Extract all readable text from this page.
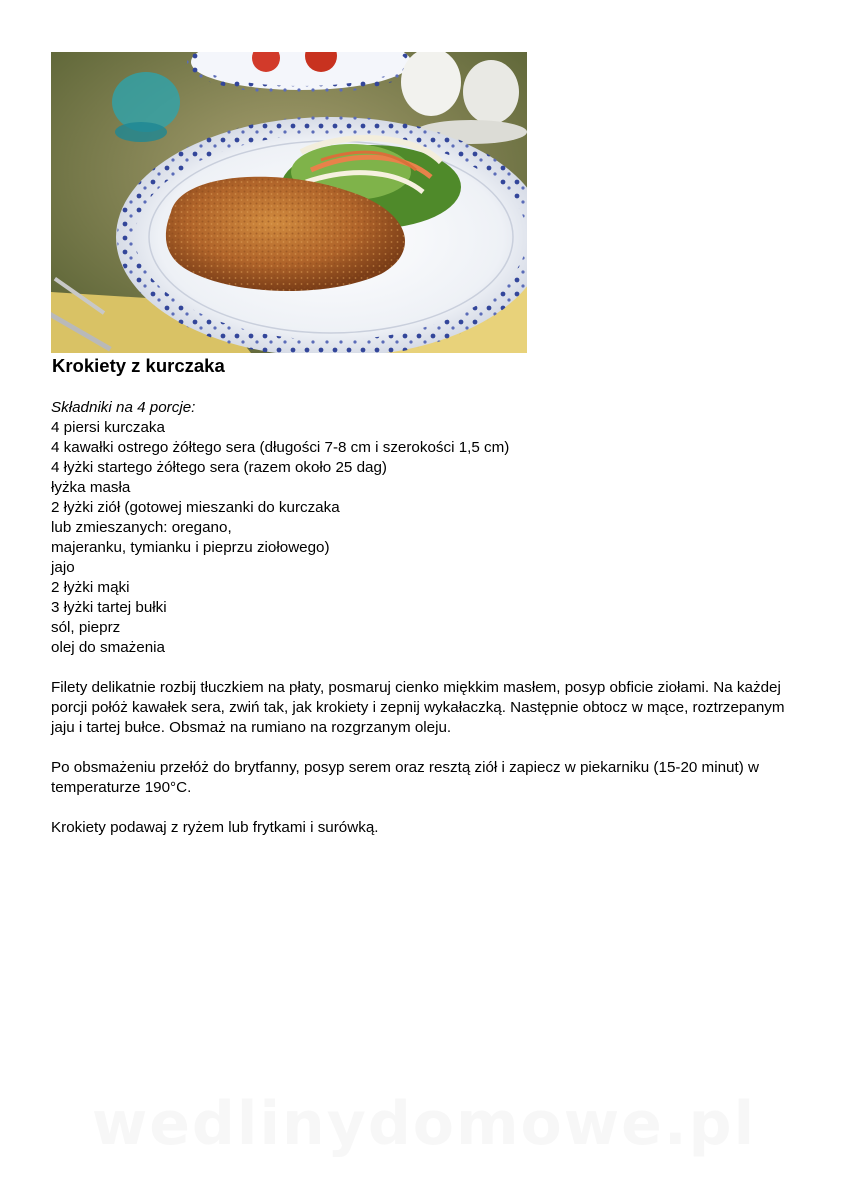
Krokiety z kurczaka

Składniki na 4 porcje:

4 piersi kurczaka
4 kawałki ostrego żółtego sera (długości 7-8 cm i szerokości 1,5 cm)
4 łyżki startego żółtego sera (razem około 25 dag)
łyżka masła
2 łyżki ziół (gotowej mieszanki do kurczaka
lub zmieszanych: oregano,
majeranku, tymianku i pieprzu ziołowego)
jajo
2 łyżki mąki
3 łyżki tartej bułki
sól, pieprz
olej do smażenia

Filety delikatnie rozbij tłuczkiem na płaty, posmaruj cienko miękkim masłem, posyp obficie ziołami. Na każdej porcji połóż kawałek sera, zwiń tak, jak krokiety i zepnij wykałaczką. Następnie obtocz w mące, roztrzepanym jaju i tartej bułce. Obsmaż na rumiano na rozgrzanym oleju.

Po obsmażeniu przełóż do brytfanny, posyp serem oraz resztą ziół i zapiecz w piekarniku (15-20 minut) w temperaturze 190°C.

Krokiety podawaj z ryżem lub frytkami i surówką.

wedlinydomowe.pl
